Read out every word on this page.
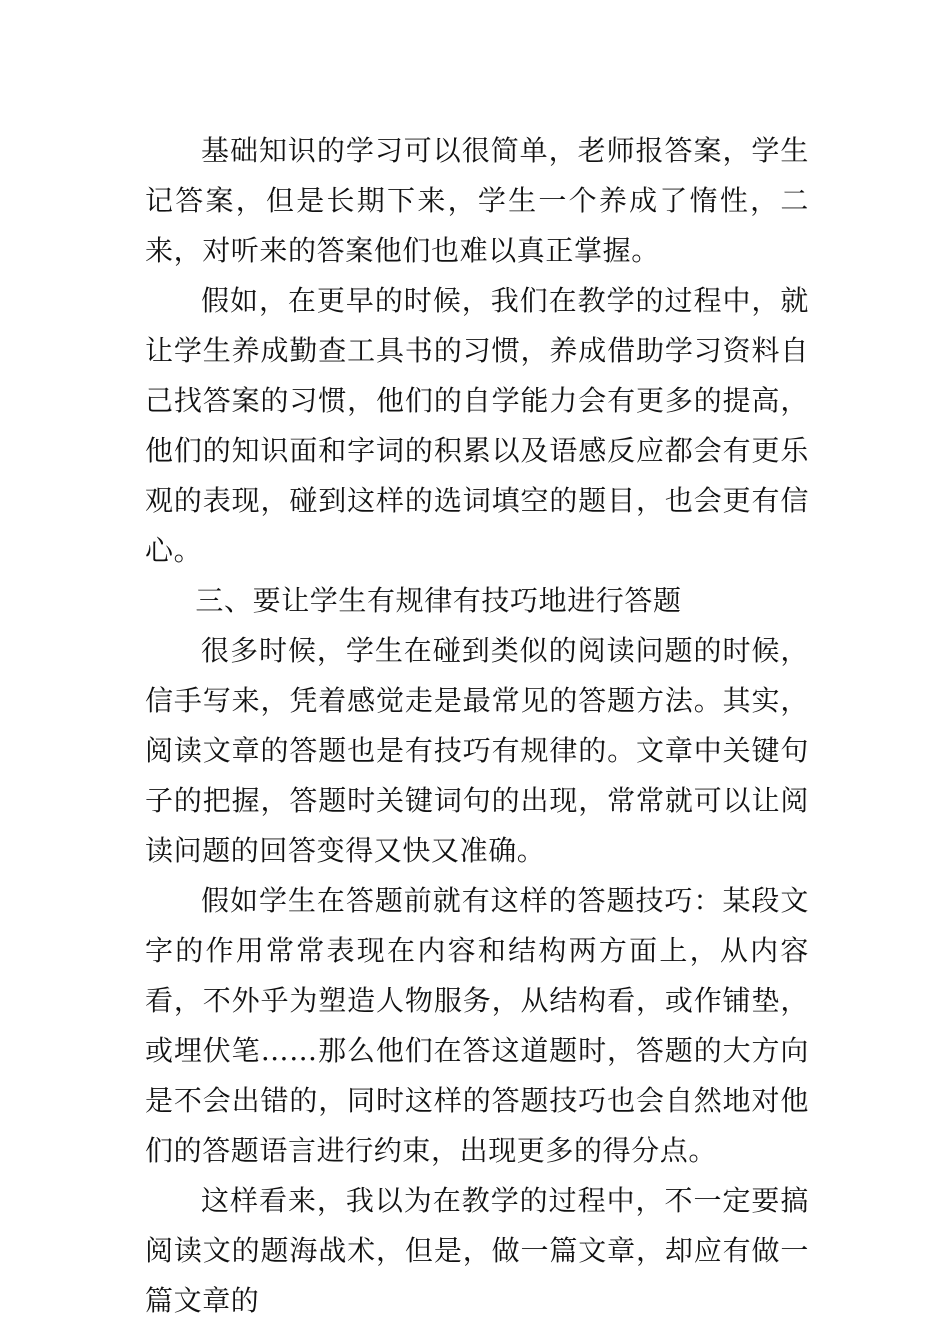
基础知识的学习可以很简单，老师报答案，学生记答案，但是长期下来，学生一个养成了惰性，二来，对听来的答案他们也难以真正掌握。

假如，在更早的时候，我们在教学的过程中，就让学生养成勤查工具书的习惯，养成借助学习资料自己找答案的习惯，他们的自学能力会有更多的提高，他们的知识面和字词的积累以及语感反应都会有更乐观的表现，碰到这样的选词填空的题目，也会更有信心。

三、要让学生有规律有技巧地进行答题

很多时候，学生在碰到类似的阅读问题的时候，信手写来，凭着感觉走是最常见的答题方法。其实，阅读文章的答题也是有技巧有规律的。文章中关键句子的把握，答题时关键词句的出现，常常就可以让阅读问题的回答变得又快又准确。

假如学生在答题前就有这样的答题技巧：某段文字的作用常常表现在内容和结构两方面上，从内容看，不外乎为塑造人物服务，从结构看，或作铺垫，或埋伏笔……那么他们在答这道题时，答题的大方向是不会出错的，同时这样的答题技巧也会自然地对他们的答题语言进行约束，出现更多的得分点。

这样看来，我以为在教学的过程中，不一定要搞阅读文的题海战术，但是，做一篇文章，却应有做一篇文章的
